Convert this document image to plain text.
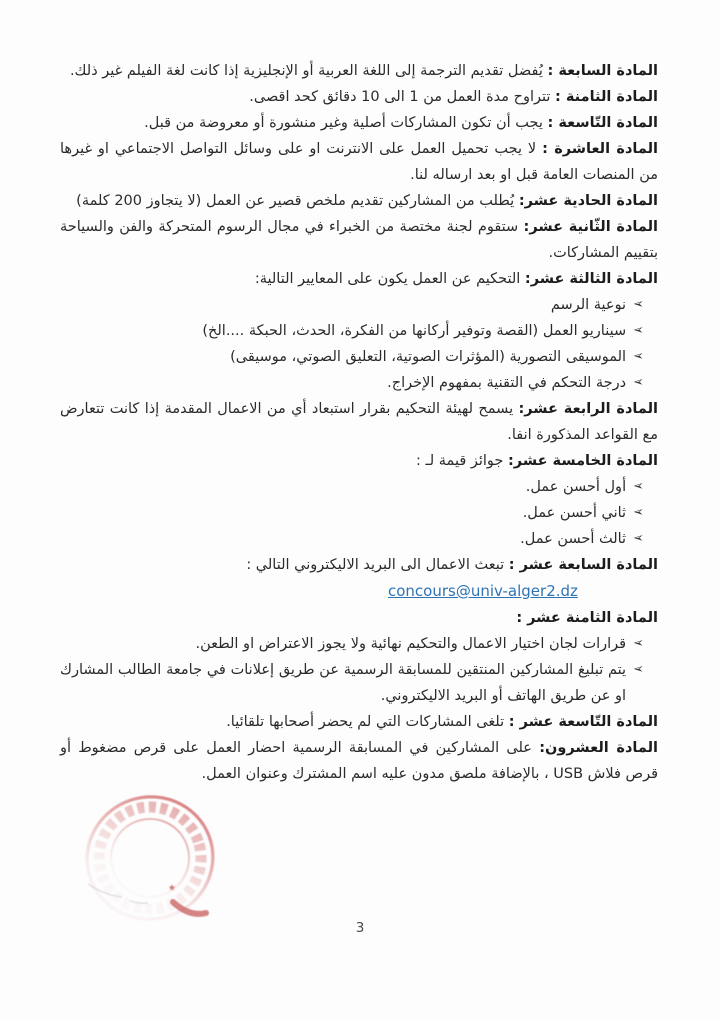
المادة السابعة : يُفضل تقديم الترجمة إلى اللغة العربية أو الإنجليزية إذا كانت لغة الفيلم غير ذلك.

المادة الثامنة : تتراوح مدة العمل من 1 الى 10 دقائق كحد اقصى.

المادة التّاسعة : يجب أن تكون المشاركات أصلية وغير منشورة أو معروضة من قبل.

المادة العاشرة : لا يجب تحميل العمل على الانترنت او على وسائل التواصل الاجتماعي او غيرها من المنصات العامة قبل او بعد ارساله لنا.

المادة الحادية عشر: يُطلب من المشاركين تقديم ملخص قصير عن العمل (لا يتجاوز 200 كلمة)

المادة الثّانية عشر: ستقوم لجنة مختصة من الخبراء في مجال الرسوم المتحركة والفن والسياحة بتقييم المشاركات.

المادة الثالثة عشر: التحكيم عن العمل يكون على المعايير التالية:

➢
نوعية الرسم
➢
سيناريو العمل (القصة وتوفير أركانها من الفكرة، الحدث، الحبكة ....الخ)
➢
الموسيقى التصورية (المؤثرات الصوتية، التعليق الصوتي، موسيقى)
➢
درجة التحكم في التقنية بمفهوم الإخراج.

المادة الرابعة عشر: يسمح لهيئة التحكيم بقرار استبعاد أي من الاعمال المقدمة إذا كانت تتعارض مع القواعد المذكورة انفا.

المادة الخامسة عشر: جوائز قيمة لـ :

➢
أول أحسن عمل.
➢
ثاني أحسن عمل.
➢
ثالث أحسن عمل.

المادة السابعة عشر : تبعث الاعمال الى البريد الاليكتروني التالي :

concours@univ-alger2.dz

المادة الثامنة عشر :

➢
قرارات لجان اختيار الاعمال والتحكيم نهائية ولا يجوز الاعتراض او الطعن.
➢
يتم تبليغ المشاركين المنتقين للمسابقة الرسمية عن طريق إعلانات في جامعة الطالب المشارك او عن طريق الهاتف أو البريد الاليكتروني.

المادة التّاسعة عشر : تلغى المشاركات التي لم يحضر أصحابها تلقائيا.

المادة العشرون: على المشاركين في المسابقة الرسمية احضار العمل على قرص مضغوط أو قرص فلاش USB ، بالإضافة ملصق مدون عليه اسم المشترك وعنوان العمل.

٭
3
